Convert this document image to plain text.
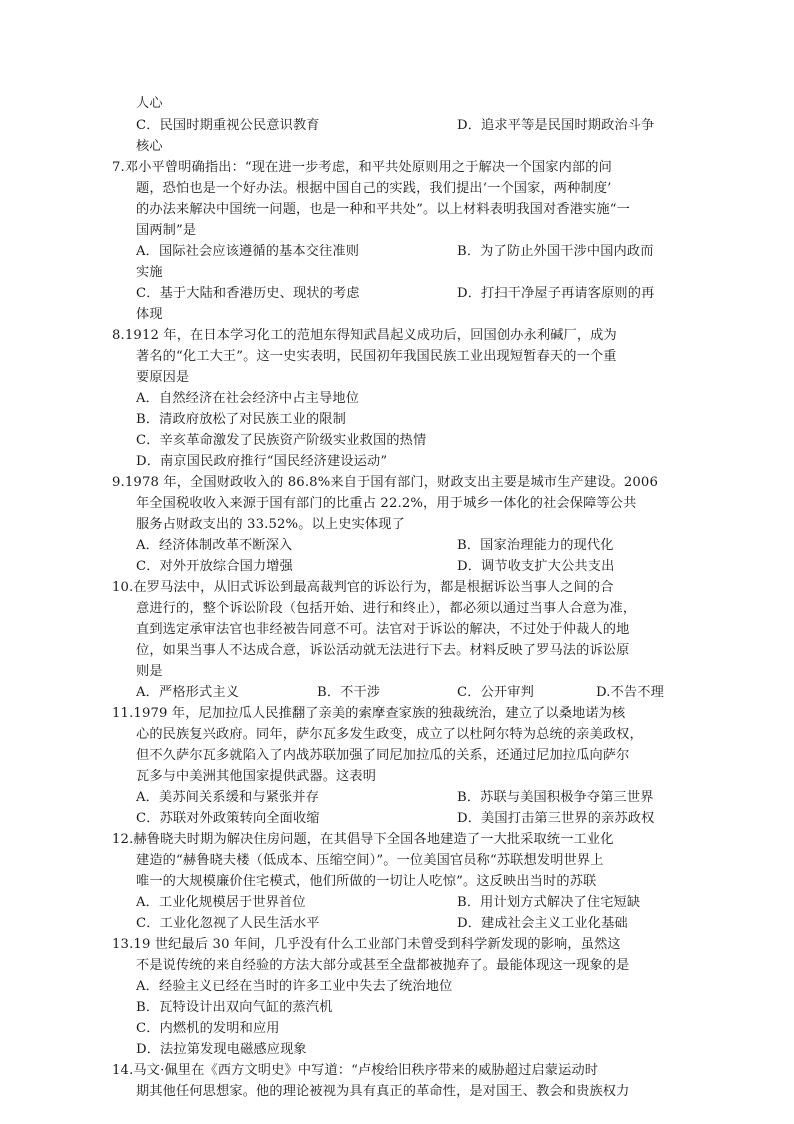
人心
C．民国时期重视公民意识教育	D．追求平等是民国时期政治斗争
核心
7.邓小平曾明确指出：“现在进一步考虑，和平共处原则用之于解决一个国家内部的问
题，恐怕也是一个好办法。根据中国自己的实践，我们提出‘一个国家，两种制度’
的办法来解决中国统一问题，也是一种和平共处”。以上材料表明我国对香港实施“一
国两制”是
A．国际社会应该遵循的基本交往准则	B．为了防止外国干涉中国内政而
实施
C．基于大陆和香港历史、现状的考虑	D．打扫干净屋子再请客原则的再
体现
8.1912 年，在日本学习化工的范旭东得知武昌起义成功后，回国创办永利碱厂，成为
著名的“化工大王”。这一史实表明，民国初年我国民族工业出现短暂春天的一个重
要原因是
A．自然经济在社会经济中占主导地位
B．清政府放松了对民族工业的限制
C．辛亥革命激发了民族资产阶级实业救国的热情
D．南京国民政府推行“国民经济建设运动”
9.1978 年，全国财政收入的 86.8%来自于国有部门，财政支出主要是城市生产建设。2006
年全国税收收入来源于国有部门的比重占 22.2%，用于城乡一体化的社会保障等公共
服务占财政支出的 33.52%。以上史实体现了
A．经济体制改革不断深入	B．国家治理能力的现代化
C．对外开放综合国力增强	D．调节收支扩大公共支出
10.在罗马法中，从旧式诉讼到最高裁判官的诉讼行为，都是根据诉讼当事人之间的合
意进行的，整个诉讼阶段（包括开始、进行和终止），都必须以通过当事人合意为准，
直到选定承审法官也非经被告同意不可。法官对于诉讼的解决，不过处于仲裁人的地
位，如果当事人不达成合意，诉讼活动就无法进行下去。材料反映了罗马法的诉讼原
则是
A．严格形式主义	B．不干涉	C．公开审判	D.不告不理
11.1979 年，尼加拉瓜人民推翻了亲美的索摩查家族的独裁统治，建立了以桑地诺为核
心的民族复兴政府。同年，萨尔瓦多发生政变，成立了以杜阿尔特为总统的亲美政权，
但不久萨尔瓦多就陷入了内战苏联加强了同尼加拉瓜的关系，还通过尼加拉瓜向萨尔
瓦多与中美洲其他国家提供武器。这表明
A．美苏间关系缓和与紧张并存	B．苏联与美国积极争夺第三世界
C．苏联对外政策转向全面收缩	D．美国打击第三世界的亲苏政权
12.赫鲁晓夫时期为解决住房问题，在其倡导下全国各地建造了一大批采取统一工业化
建造的“赫鲁晓夫楼（低成本、压缩空间）”。一位美国官员称“苏联想发明世界上
唯一的大规模廉价住宅模式，他们所做的一切让人吃惊”。这反映出当时的苏联
A．工业化规模居于世界首位	B．用计划方式解决了住宅短缺
C．工业化忽视了人民生活水平	D．建成社会主义工业化基础
13.19 世纪最后 30 年间，几乎没有什么工业部门未曾受到科学新发现的影响，虽然这
不是说传统的来自经验的方法大部分或甚至全盘都被抛弃了。最能体现这一现象的是
A．经验主义已经在当时的许多工业中失去了统治地位
B．瓦特设计出双向气缸的蒸汽机
C．内燃机的发明和应用
D．法拉第发现电磁感应现象
14.马文·佩里在《西方文明史》中写道：“卢梭给旧秩序带来的威胁超过启蒙运动时
期其他任何思想家。他的理论被视为具有真正的革命性，是对国王、教会和贵族权力
